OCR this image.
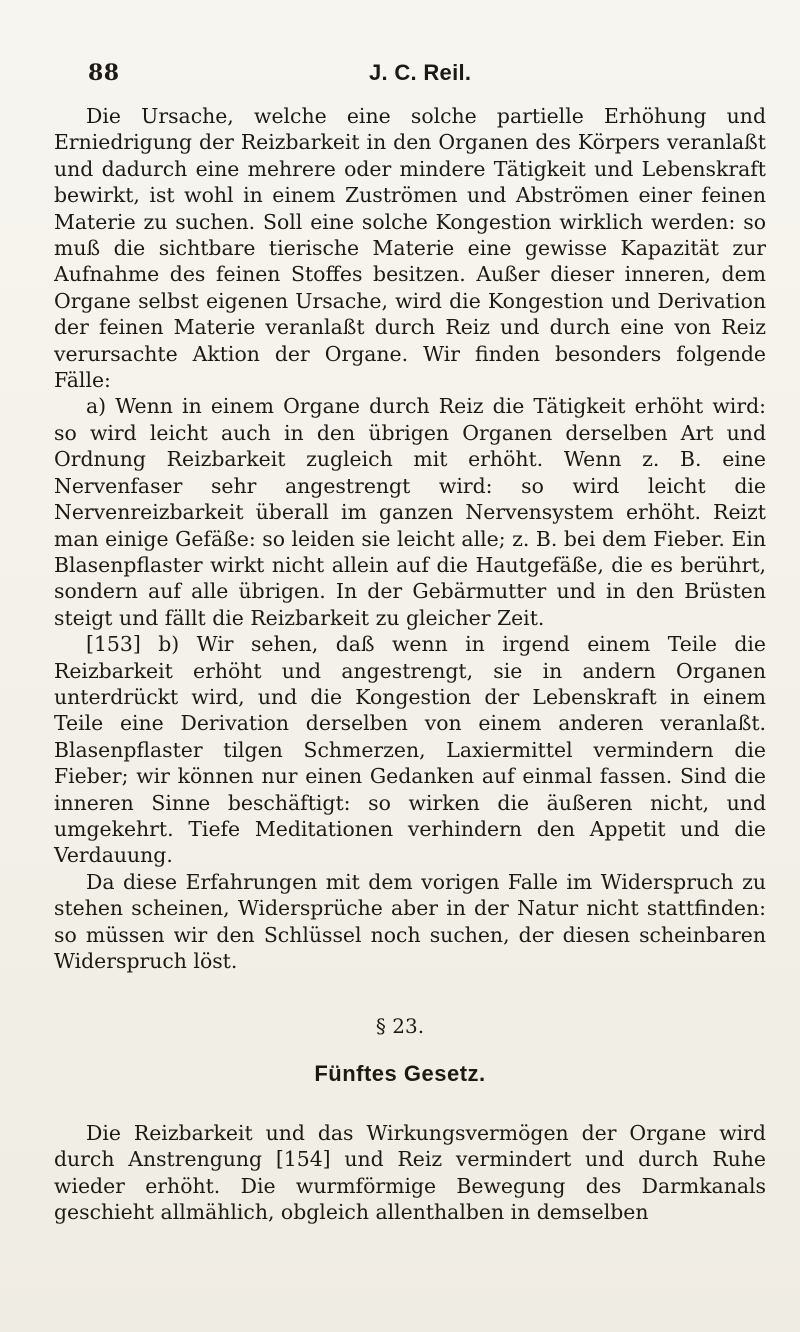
88	J. C. Reil.

Die Ursache, welche eine solche partielle Erhöhung und Erniedrigung der Reizbarkeit in den Organen des Körpers veranlaßt und dadurch eine mehrere oder mindere Tätigkeit und Lebenskraft bewirkt, ist wohl in einem Zuströmen und Abströmen einer feinen Materie zu suchen. Soll eine solche Kongestion wirklich werden: so muß die sichtbare tierische Materie eine gewisse Kapazität zur Aufnahme des feinen Stoffes besitzen. Außer dieser inneren, dem Organe selbst eigenen Ursache, wird die Kongestion und Derivation der feinen Materie veranlaßt durch Reiz und durch eine von Reiz verursachte Aktion der Organe. Wir finden besonders folgende Fälle:

a) Wenn in einem Organe durch Reiz die Tätigkeit erhöht wird: so wird leicht auch in den übrigen Organen derselben Art und Ordnung Reizbarkeit zugleich mit erhöht. Wenn z. B. eine Nervenfaser sehr angestrengt wird: so wird leicht die Nervenreizbarkeit überall im ganzen Nervensystem erhöht. Reizt man einige Gefäße: so leiden sie leicht alle; z. B. bei dem Fieber. Ein Blasenpflaster wirkt nicht allein auf die Hautgefäße, die es berührt, sondern auf alle übrigen. In der Gebärmutter und in den Brüsten steigt und fällt die Reizbarkeit zu gleicher Zeit.

[153] b) Wir sehen, daß wenn in irgend einem Teile die Reizbarkeit erhöht und angestrengt, sie in andern Organen unterdrückt wird, und die Kongestion der Lebenskraft in einem Teile eine Derivation derselben von einem anderen veranlaßt. Blasenpflaster tilgen Schmerzen, Laxiermittel vermindern die Fieber; wir können nur einen Gedanken auf einmal fassen. Sind die inneren Sinne beschäftigt: so wirken die äußeren nicht, und umgekehrt. Tiefe Meditationen verhindern den Appetit und die Verdauung.

Da diese Erfahrungen mit dem vorigen Falle im Widerspruch zu stehen scheinen, Widersprüche aber in der Natur nicht stattfinden: so müssen wir den Schlüssel noch suchen, der diesen scheinbaren Widerspruch löst.

§ 23.
Fünftes Gesetz.

Die Reizbarkeit und das Wirkungsvermögen der Organe wird durch Anstrengung [154] und Reiz vermindert und durch Ruhe wieder erhöht. Die wurmförmige Bewegung des Darmkanals geschieht allmählich, obgleich allenthalben in demselben
